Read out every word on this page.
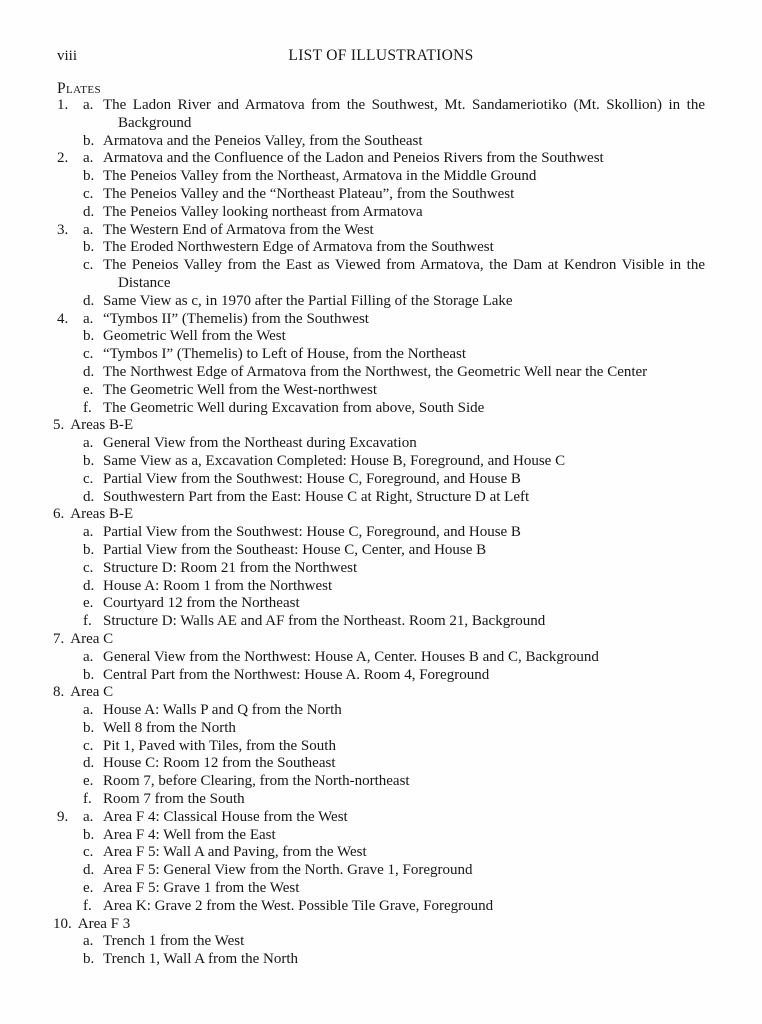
viii	LIST OF ILLUSTRATIONS
Plates
1. a. The Ladon River and Armatova from the Southwest, Mt. Sandameriotiko (Mt. Skollion) in the Background
b. Armatova and the Peneios Valley, from the Southeast
2. a. Armatova and the Confluence of the Ladon and Peneios Rivers from the Southwest
b. The Peneios Valley from the Northeast, Armatova in the Middle Ground
c. The Peneios Valley and the “Northeast Plateau”, from the Southwest
d. The Peneios Valley looking northeast from Armatova
3. a. The Western End of Armatova from the West
b. The Eroded Northwestern Edge of Armatova from the Southwest
c. The Peneios Valley from the East as Viewed from Armatova, the Dam at Kendron Visible in the Distance
d. Same View as c, in 1970 after the Partial Filling of the Storage Lake
4. a. “Tymbos II” (Themelis) from the Southwest
b. Geometric Well from the West
c. “Tymbos I” (Themelis) to Left of House, from the Northeast
d. The Northwest Edge of Armatova from the Northwest, the Geometric Well near the Center
e. The Geometric Well from the West-northwest
f. The Geometric Well during Excavation from above, South Side
5. Areas B-E
a. General View from the Northeast during Excavation
b. Same View as a, Excavation Completed: House B, Foreground, and House C
c. Partial View from the Southwest: House C, Foreground, and House B
d. Southwestern Part from the East: House C at Right, Structure D at Left
6. Areas B-E
a. Partial View from the Southwest: House C, Foreground, and House B
b. Partial View from the Southeast: House C, Center, and House B
c. Structure D: Room 21 from the Northwest
d. House A: Room 1 from the Northwest
e. Courtyard 12 from the Northeast
f. Structure D: Walls AE and AF from the Northeast. Room 21, Background
7. Area C
a. General View from the Northwest: House A, Center. Houses B and C, Background
b. Central Part from the Northwest: House A. Room 4, Foreground
8. Area C
a. House A: Walls P and Q from the North
b. Well 8 from the North
c. Pit 1, Paved with Tiles, from the South
d. House C: Room 12 from the Southeast
e. Room 7, before Clearing, from the North-northeast
f. Room 7 from the South
9. a. Area F 4: Classical House from the West
b. Area F 4: Well from the East
c. Area F 5: Wall A and Paving, from the West
d. Area F 5: General View from the North. Grave 1, Foreground
e. Area F 5: Grave 1 from the West
f. Area K: Grave 2 from the West. Possible Tile Grave, Foreground
10. Area F 3
a. Trench 1 from the West
b. Trench 1, Wall A from the North
